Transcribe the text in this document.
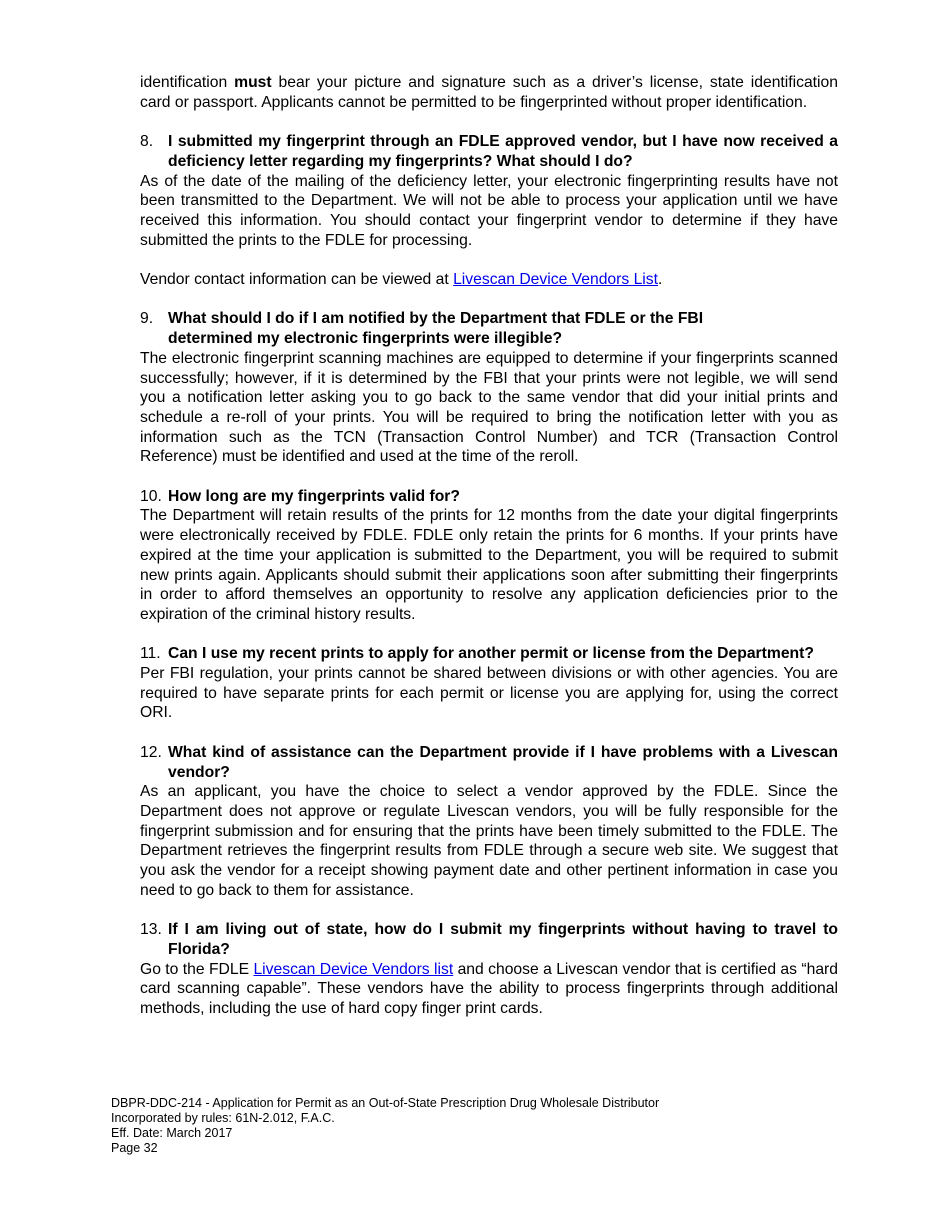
identification must bear your picture and signature such as a driver’s license, state identification card or passport. Applicants cannot be permitted to be fingerprinted without proper identification.

8. I submitted my fingerprint through an FDLE approved vendor, but I have now received a deficiency letter regarding my fingerprints? What should I do?

As of the date of the mailing of the deficiency letter, your electronic fingerprinting results have not been transmitted to the Department. We will not be able to process your application until we have received this information. You should contact your fingerprint vendor to determine if they have submitted the prints to the FDLE for processing.

Vendor contact information can be viewed at Livescan Device Vendors List.

9. What should I do if I am notified by the Department that FDLE or the FBI determined my electronic fingerprints were illegible?

The electronic fingerprint scanning machines are equipped to determine if your fingerprints scanned successfully; however, if it is determined by the FBI that your prints were not legible, we will send you a notification letter asking you to go back to the same vendor that did your initial prints and schedule a re-roll of your prints. You will be required to bring the notification letter with you as information such as the TCN (Transaction Control Number) and TCR (Transaction Control Reference) must be identified and used at the time of the reroll.

10. How long are my fingerprints valid for?

The Department will retain results of the prints for 12 months from the date your digital fingerprints were electronically received by FDLE. FDLE only retain the prints for 6 months. If your prints have expired at the time your application is submitted to the Department, you will be required to submit new prints again. Applicants should submit their applications soon after submitting their fingerprints in order to afford themselves an opportunity to resolve any application deficiencies prior to the expiration of the criminal history results.

11. Can I use my recent prints to apply for another permit or license from the Department?

Per FBI regulation, your prints cannot be shared between divisions or with other agencies. You are required to have separate prints for each permit or license you are applying for, using the correct ORI.

12. What kind of assistance can the Department provide if I have problems with a Livescan vendor?

As an applicant, you have the choice to select a vendor approved by the FDLE. Since the Department does not approve or regulate Livescan vendors, you will be fully responsible for the fingerprint submission and for ensuring that the prints have been timely submitted to the FDLE. The Department retrieves the fingerprint results from FDLE through a secure web site. We suggest that you ask the vendor for a receipt showing payment date and other pertinent information in case you need to go back to them for assistance.

13. If I am living out of state, how do I submit my fingerprints without having to travel to Florida?

Go to the FDLE Livescan Device Vendors list and choose a Livescan vendor that is certified as “hard card scanning capable”. These vendors have the ability to process fingerprints through additional methods, including the use of hard copy finger print cards.

DBPR-DDC-214 - Application for Permit as an Out-of-State Prescription Drug Wholesale Distributor
Incorporated by rules: 61N-2.012, F.A.C.
Eff. Date: March 2017
Page 32
